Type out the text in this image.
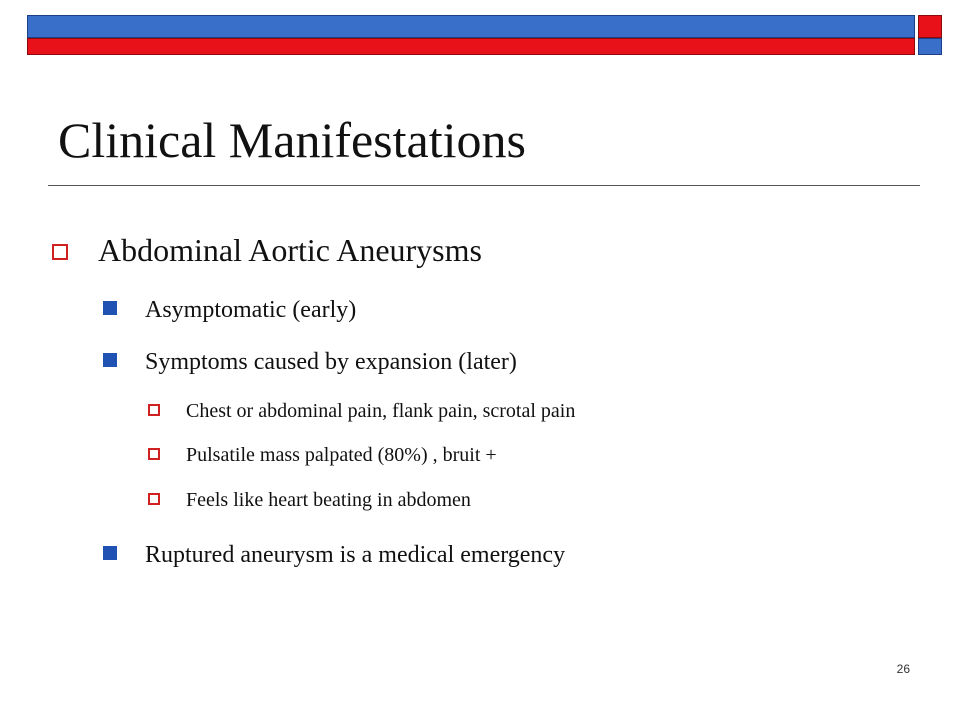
Clinical Manifestations
Abdominal Aortic Aneurysms
Asymptomatic (early)
Symptoms caused by expansion (later)
Chest or abdominal pain, flank pain, scrotal pain
Pulsatile mass palpated (80%) , bruit +
Feels like heart beating in abdomen
Ruptured aneurysm is a medical emergency
26
